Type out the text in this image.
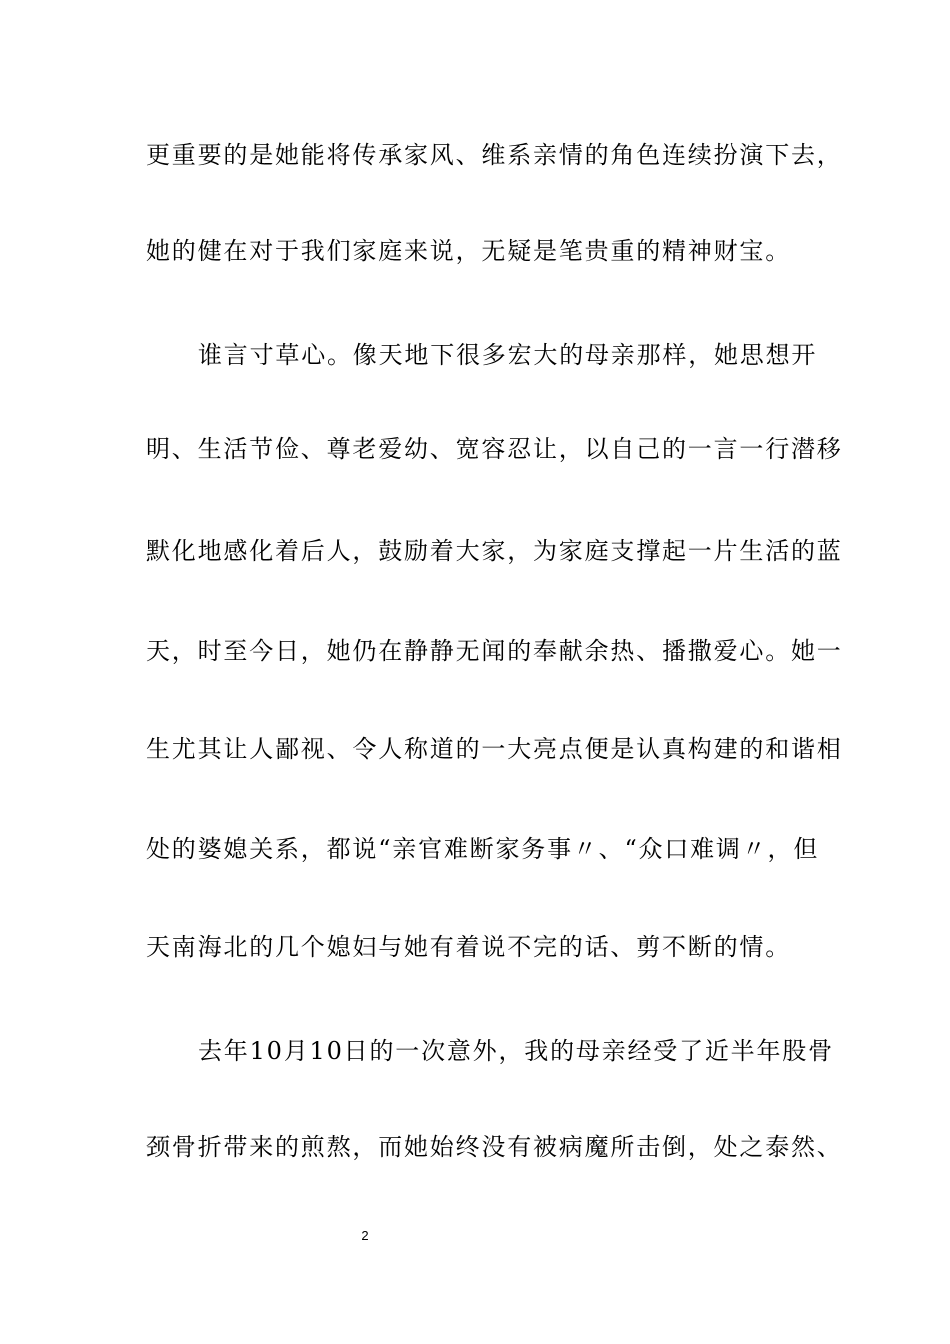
更重要的是她能将传承家风、维系亲情的角色连续扮演下去，
她的健在对于我们家庭来说，无疑是笔贵重的精神财宝。
谁言寸草心。像天地下很多宏大的母亲那样，她思想开
明、生活节俭、尊老爱幼、宽容忍让，以自己的一言一行潜移
默化地感化着后人，鼓励着大家，为家庭支撑起一片生活的蓝
天，时至今日，她仍在静静无闻的奉献余热、播撒爱心。她一
生尤其让人鄙视、令人称道的一大亮点便是认真构建的和谐相
处的婆媳关系，都说“亲官难断家务事〃、“众口难调〃，但
天南海北的几个媳妇与她有着说不完的话、剪不断的情。
去年10月10日的一次意外，我的母亲经受了近半年股骨
颈骨折带来的煎熬，而她始终没有被病魔所击倒，处之泰然、
2
